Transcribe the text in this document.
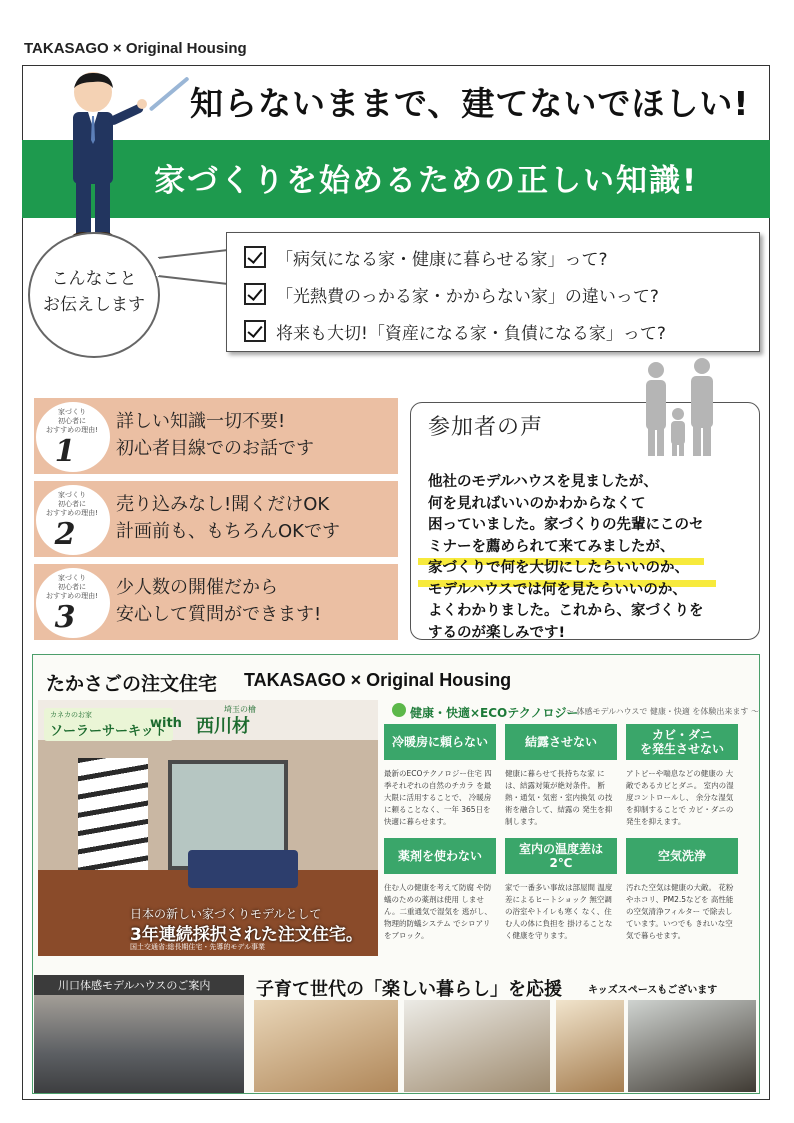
TAKASAGO × Original Housing
家づくりを始めるための正しい知識!
知らないままで、建てないでほしい!
こんなこと
お伝えします
「病気になる家・健康に暮らせる家」って?
「光熱費のっかる家・かからない家」の違いって?
将来も大切!「資産になる家・負債になる家」って?
家づくり
初心者に
おすすめの理由!
1
詳しい知識一切不要!
初心者目線でのお話です
家づくり
初心者に
おすすめの理由!
2
売り込みなし!聞くだけOK
計画前も、もちろんOKです
家づくり
初心者に
おすすめの理由!
3
少人数の開催だから
安心して質問ができます!
参加者の声
他社のモデルハウスを見ましたが、
何を見ればいいのかわからなくて
困っていました。家づくりの先輩にこのセ
ミナーを薦められて来てみましたが、
家づくりで何を大切にしたらいいのか、
モデルハウスでは何を見たらいいのか、
よくわかりました。これから、家づくりを
するのが楽しみです!
たかさごの注文住宅 TAKASAGO × Original Housing
カネカのお家
ソーラーサーキット
with
埼玉の檜
西川材
日本の新しい家づくりモデルとして
3年連続採択された注文住宅。
国土交通省:総長期住宅・先導的モデル事業
健康・快適×ECOテクノロジー
〜 体感モデルハウスで 健康・快適 を体験出来ます 〜
冷暖房に頼らない
最新のECOテクノロジー住宅 四季それぞれの自然のチカラ を最大限に活用することで、 冷暖房に頼ることなく、一年 365日を快適に暮らせます。
結露させない
健康に暮らせて長持ちな家 には、結露対策が絶対条件。 断熱・通気・気密・室内換気 の技術を融合して、結露の 発生を抑制します。
カビ・ダニ
を発生させない
アトピーや喘息などの健康の 大敵であるカビとダニ。 室内の湿度コントロールし、 余分な湿気を抑制することで カビ・ダニの発生を抑えます。
薬剤を使わない
住む人の健康を考えて防腐 や防蟻のための薬剤は使用 しません。二重通気で湿気を 逃がし、物理的防蟻システム でシロアリをブロック。
室内の温度差は
2℃
家で一番多い事故は部屋間 温度差によるヒートショック 無空調の浴室やトイレも寒く なく、住む人の体に負担を 掛けることなく健康を守ります。
空気洗浄
汚れた空気は健康の大敵。 花粉やホコリ、PM2.5などを 高性能の空気清浄フィルター で除去しています。いつでも きれいな空気で暮らせます。
川口体感モデルハウスのご案内	子育て世代の「楽しい暮らし」を応援	キッズスペースもございます
